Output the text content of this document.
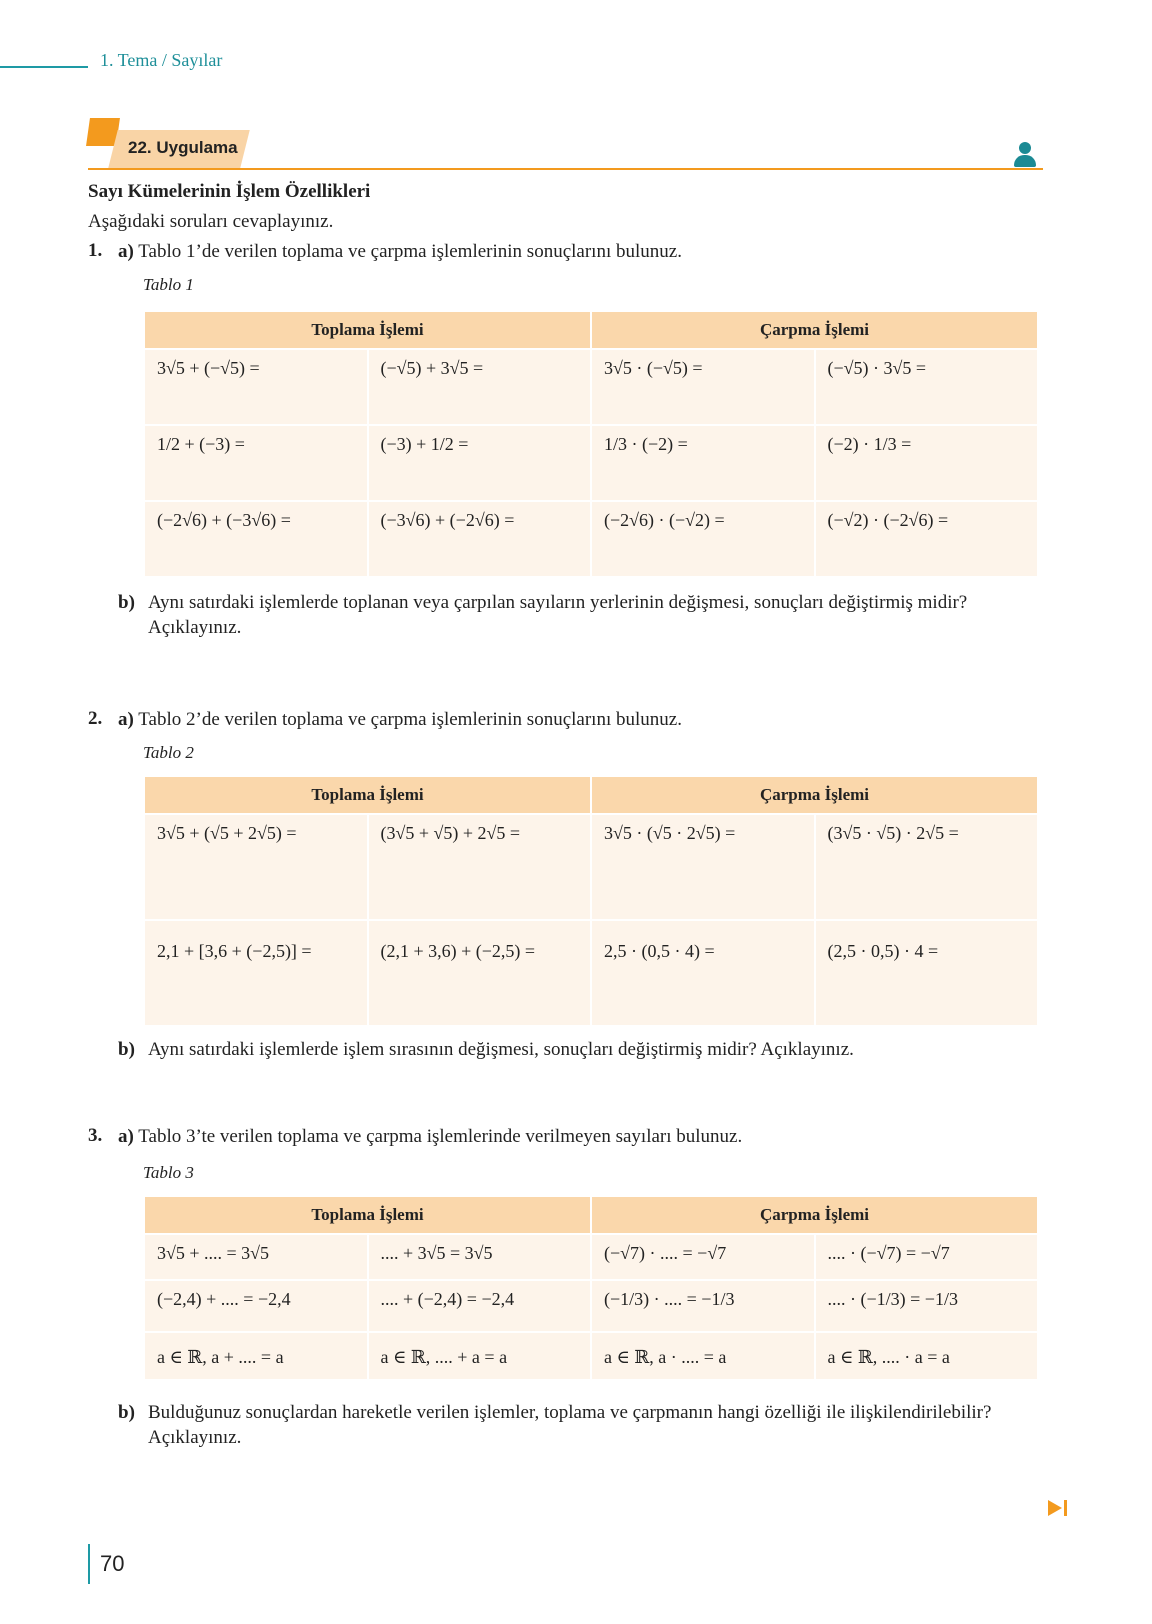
1. Tema / Sayılar
22. Uygulama
Sayı Kümelerinin İşlem Özellikleri
Aşağıdaki soruları cevaplayınız.
1. a) Tablo 1’de verilen toplama ve çarpma işlemlerinin sonuçlarını bulunuz.
Tablo 1
Toplama İşlemi		Çarpma İşlemi	
3√5 + (−√5) =	(−√5) + 3√5 =	3√5 · (−√5) =	(−√5) · 3√5 =
1/2 + (−3) =	(−3) + 1/2 =	1/3 · (−2) =	(−2) · 1/3 =
(−2√6) + (−3√6) =	(−3√6) + (−2√6) =	(−2√6) · (−√2) =	(−√2) · (−2√6) =
b) Aynı satırdaki işlemlerde toplanan veya çarpılan sayıların yerlerinin değişmesi, sonuçları değiştirmiş midir? Açıklayınız.
2. a) Tablo 2’de verilen toplama ve çarpma işlemlerinin sonuçlarını bulunuz.
Tablo 2
Toplama İşlemi		Çarpma İşlemi	
3√5 + (√5 + 2√5) =	(3√5 + √5) + 2√5 =	3√5 · (√5 · 2√5) =	(3√5 · √5) · 2√5 =
2,1 + [3,6 + (−2,5)] =	(2,1 + 3,6) + (−2,5) =	2,5 · (0,5 · 4) =	(2,5 · 0,5) · 4 =
b) Aynı satırdaki işlemlerde işlem sırasının değişmesi, sonuçları değiştirmiş midir? Açıklayınız.
3. a) Tablo 3’te verilen toplama ve çarpma işlemlerinde verilmeyen sayıları bulunuz.
Tablo 3
Toplama İşlemi		Çarpma İşlemi	
3√5 + .... = 3√5	.... + 3√5 = 3√5	(−√7) · .... = −√7	.... · (−√7) = −√7
(−2,4) + .... = −2,4	.... + (−2,4) = −2,4	(−1/3) · .... = −1/3	.... · (−1/3) = −1/3
a ∈ ℝ, a + .... = a	a ∈ ℝ, .... + a = a	a ∈ ℝ, a · .... = a	a ∈ ℝ, .... · a = a
b) Bulduğunuz sonuçlardan hareketle verilen işlemler, toplama ve çarpmanın hangi özelliği ile ilişkilendirilebilir? Açıklayınız.
70
